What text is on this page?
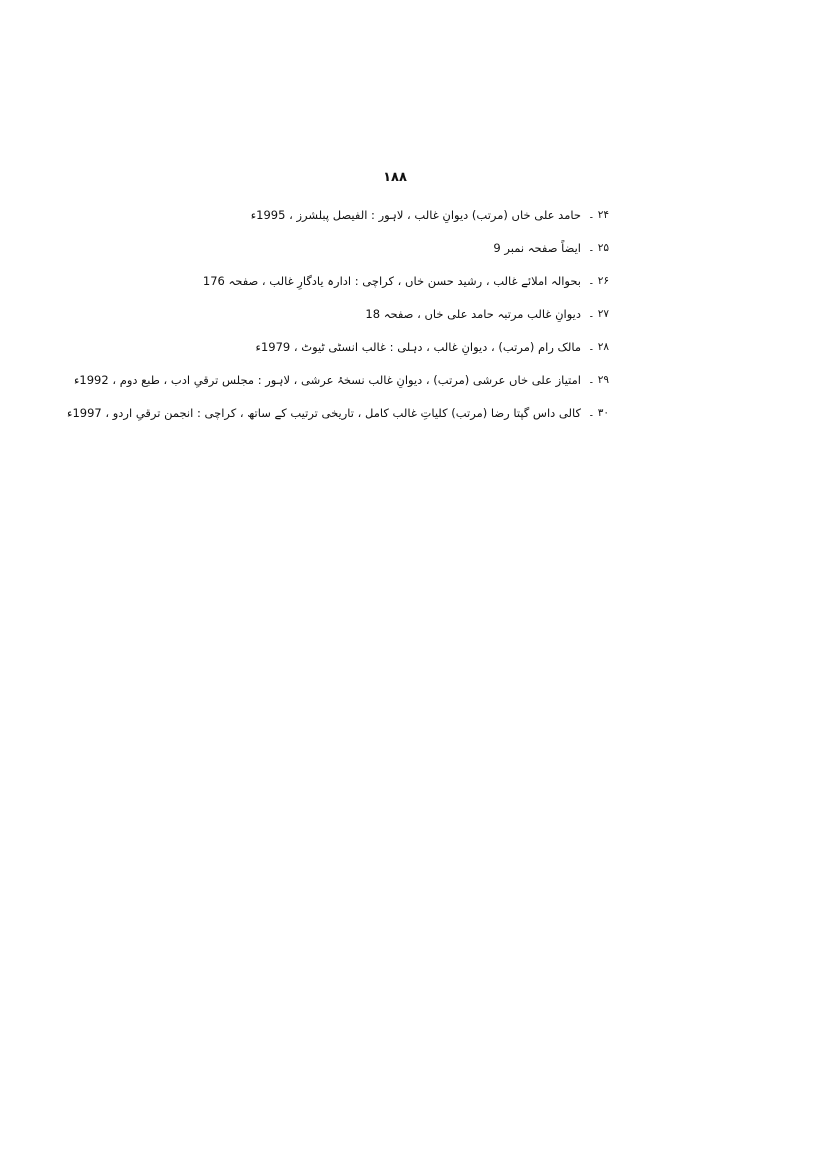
۱۸۸
۲۴ ۔
حامد علی خاں (مرتب) دیوانِ غالب ، لاہور : الفیصل پبلشرز ، 1995ء
۲۵ ۔
ایضاً صفحہ نمبر 9
۲۶ ۔
بحوالہ املائے غالب ، رشید حسن خاں ، کراچی : ادارہ یادگارِ غالب ، صفحہ 176
۲۷ ۔
دیوانِ غالب مرتبہ حامد علی خاں ، صفحہ 18
۲۸ ۔
مالک رام (مرتب) ، دیوانِ غالب ، دہلی : غالب انسٹی ٹیوٹ ، 1979ء
۲۹ ۔
امتیاز علی خاں عرشی (مرتب) ، دیوانِ غالب نسخۂ عرشی ، لاہور : مجلس ترقیِ ادب ، طبع دوم ، 1992ء
۳۰ ۔
کالی داس گپتا رضا (مرتب) کلیاتِ غالب کامل ، تاریخی ترتیب کے ساتھ ، کراچی : انجمن ترقیِ اردو ، 1997ء
